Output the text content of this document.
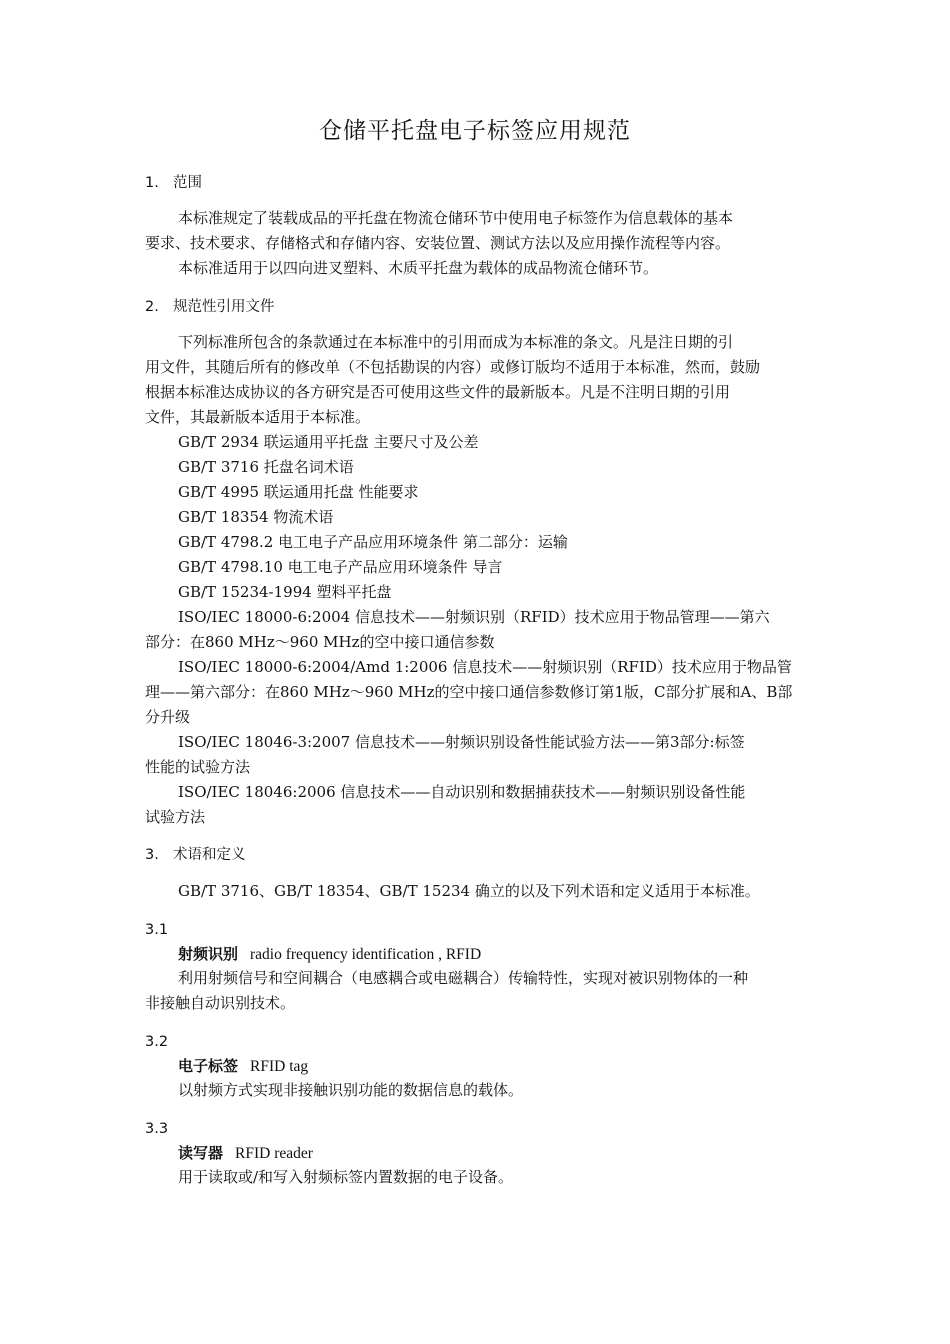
仓储平托盘电子标签应用规范
1. 范围
本标准规定了装载成品的平托盘在物流仓储环节中使用电子标签作为信息载体的基本
要求、技术要求、存储格式和存储内容、安装位置、测试方法以及应用操作流程等内容。
本标准适用于以四向进叉塑料、木质平托盘为载体的成品物流仓储环节。
2. 规范性引用文件
下列标准所包含的条款通过在本标准中的引用而成为本标准的条文。凡是注日期的引
用文件，其随后所有的修改单（不包括勘误的内容）或修订版均不适用于本标准，然而，鼓励
根据本标准达成协议的各方研究是否可使用这些文件的最新版本。凡是不注明日期的引用
文件，其最新版本适用于本标准。
GB/T 2934 联运通用平托盘 主要尺寸及公差
GB/T 3716 托盘名词术语
GB/T 4995 联运通用托盘 性能要求
GB/T 18354 物流术语
GB/T 4798.2 电工电子产品应用环境条件 第二部分：运输
GB/T 4798.10 电工电子产品应用环境条件 导言
GB/T 15234-1994 塑料平托盘
ISO/IEC 18000-6:2004 信息技术——射频识别（RFID）技术应用于物品管理——第六
部分：在860 MHz～960 MHz的空中接口通信参数
ISO/IEC 18000-6:2004/Amd 1:2006 信息技术——射频识别（RFID）技术应用于物品管
理——第六部分：在860 MHz～960 MHz的空中接口通信参数修订第1版，C部分扩展和A、B部
分升级
ISO/IEC 18046-3:2007 信息技术——射频识别设备性能试验方法——第3部分:标签
性能的试验方法
ISO/IEC 18046:2006 信息技术——自动识别和数据捕获技术——射频识别设备性能
试验方法
3. 术语和定义
GB/T 3716、GB/T 18354、GB/T 15234 确立的以及下列术语和定义适用于本标准。
3.1
射频识别 radio frequency identification , RFID
利用射频信号和空间耦合（电感耦合或电磁耦合）传输特性，实现对被识别物体的一种
非接触自动识别技术。
3.2
电子标签 RFID tag
以射频方式实现非接触识别功能的数据信息的载体。
3.3
读写器 RFID reader
用于读取或/和写入射频标签内置数据的电子设备。
